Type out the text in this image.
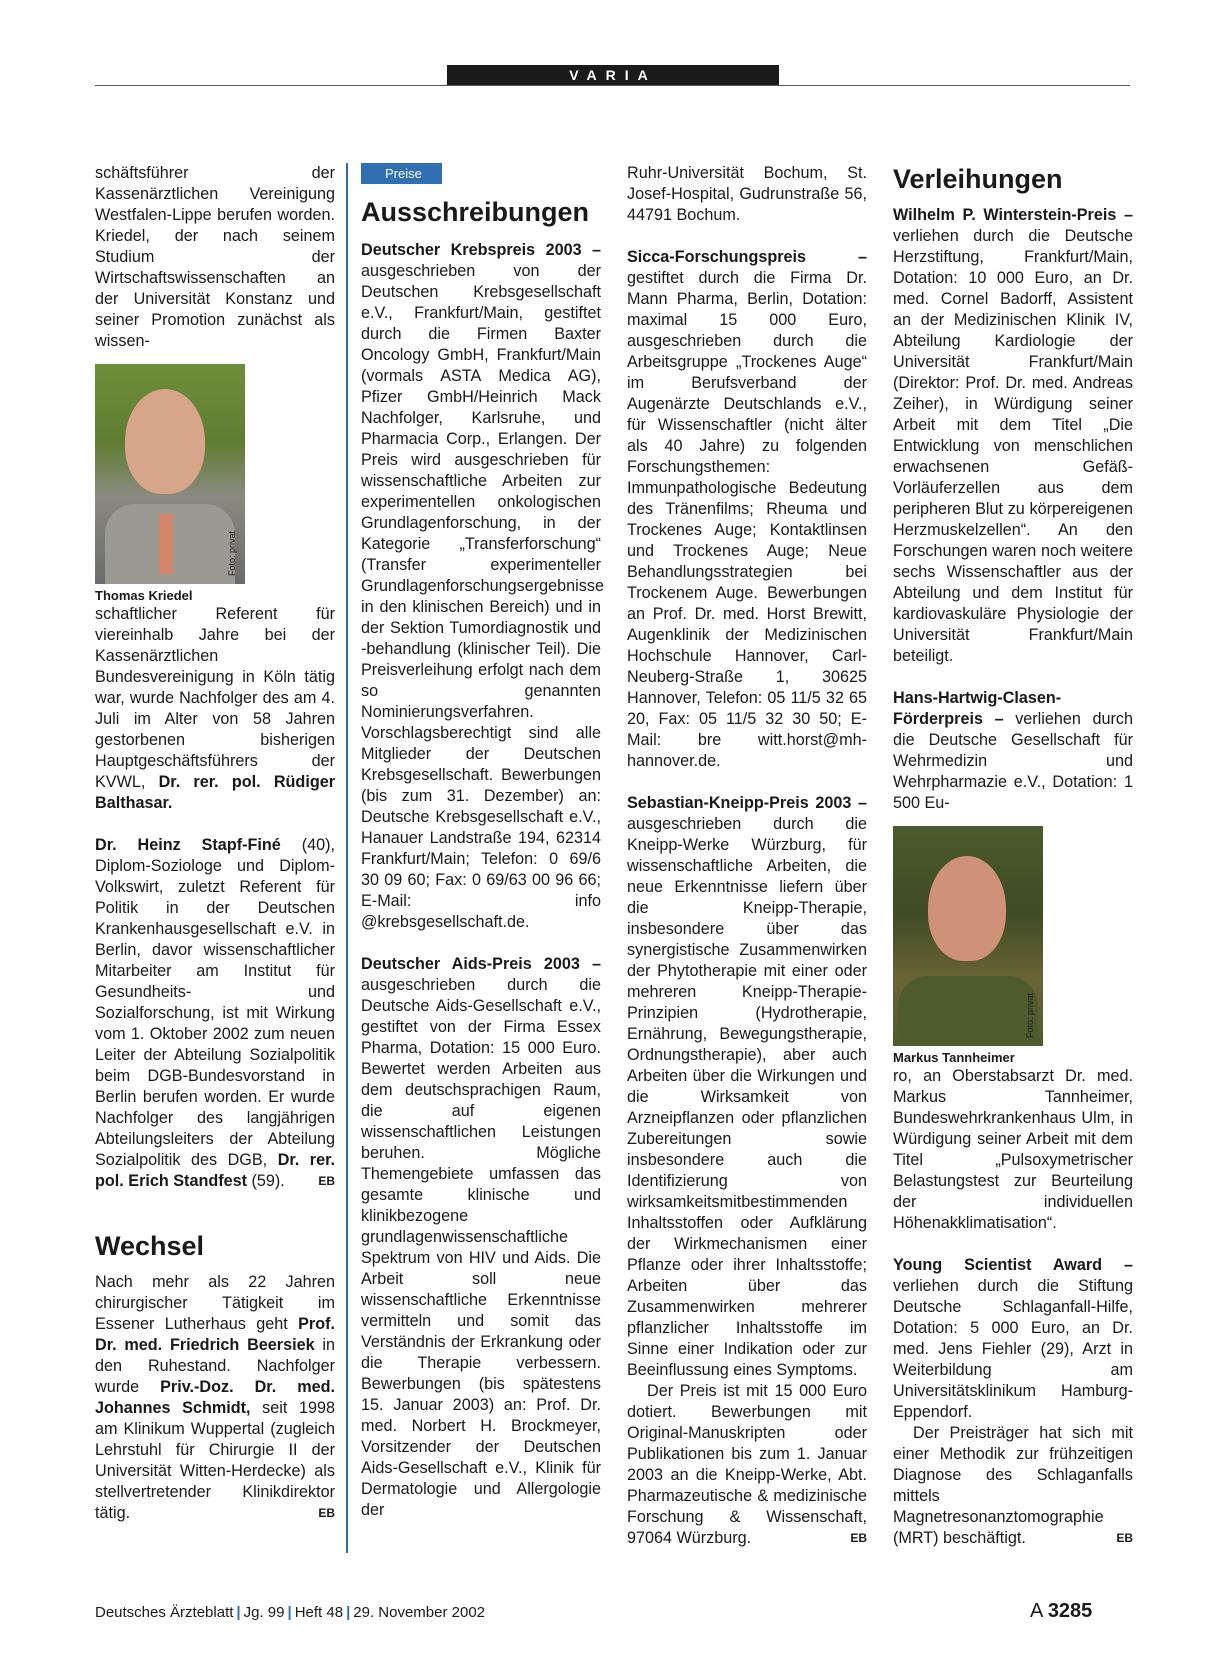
VARIA

schäftsführer der Kassenärztlichen Vereinigung Westfalen-Lippe berufen worden. Kriedel, der nach seinem Studium der Wirtschaftswissenschaften an der Universität Konstanz und seiner Promotion zunächst als wissen-

Foto: privat

Thomas Kriedel

schaftlicher Referent für viereinhalb Jahre bei der Kassenärztlichen Bundesvereinigung in Köln tätig war, wurde Nachfolger des am 4. Juli im Alter von 58 Jahren gestorbenen bisherigen Hauptgeschäftsführers der KVWL, Dr. rer. pol. Rüdiger Balthasar.

Dr. Heinz Stapf-Finé (40), Diplom-Soziologe und Diplom-Volkswirt, zuletzt Referent für Politik in der Deutschen Krankenhausgesellschaft e.V. in Berlin, davor wissenschaftlicher Mitarbeiter am Institut für Gesundheits- und Sozialforschung, ist mit Wirkung vom 1. Oktober 2002 zum neuen Leiter der Abteilung Sozialpolitik beim DGB-Bundesvorstand in Berlin berufen worden. Er wurde Nachfolger des langjährigen Abteilungsleiters der Abteilung Sozialpolitik des DGB, Dr. rer. pol. Erich Standfest (59).	EB

Wechsel

Nach mehr als 22 Jahren chirurgischer Tätigkeit im Essener Lutherhaus geht Prof. Dr. med. Friedrich Beersiek in den Ruhestand. Nachfolger wurde Priv.-Doz. Dr. med. Johannes Schmidt, seit 1998 am Klinikum Wuppertal (zugleich Lehrstuhl für Chirurgie II der Universität Witten-Herdecke) als stellvertretender Klinikdirektor tätig.	EB

Preise

Ausschreibungen

Deutscher Krebspreis 2003 – ausgeschrieben von der Deutschen Krebsgesellschaft e.V., Frankfurt/Main, gestiftet durch die Firmen Baxter Oncology GmbH, Frankfurt/Main (vormals ASTA Medica AG), Pfizer GmbH/Heinrich Mack Nachfolger, Karlsruhe, und Pharmacia Corp., Erlangen. Der Preis wird ausgeschrieben für wissenschaftliche Arbeiten zur experimentellen onkologischen Grundlagenforschung, in der Kategorie „Transferforschung“ (Transfer experimenteller Grundlagenforschungsergebnisse in den klinischen Bereich) und in der Sektion Tumordiagnostik und -behandlung (klinischer Teil). Die Preisverleihung erfolgt nach dem so genannten Nominierungsverfahren. Vorschlagsberechtigt sind alle Mitglieder der Deutschen Krebsgesellschaft. Bewerbungen (bis zum 31. Dezember) an: Deutsche Krebsgesellschaft e.V., Hanauer Landstraße 194, 62314 Frankfurt/Main; Telefon: 0 69/6 30 09 60; Fax: 0 69/63 00 96 66; E-Mail: info @krebsgesellschaft.de.

Deutscher Aids-Preis 2003 – ausgeschrieben durch die Deutsche Aids-Gesellschaft e.V., gestiftet von der Firma Essex Pharma, Dotation: 15 000 Euro. Bewertet werden Arbeiten aus dem deutschsprachigen Raum, die auf eigenen wissenschaftlichen Leistungen beruhen. Mögliche Themengebiete umfassen das gesamte klinische und klinikbezogene grundlagenwissenschaftliche Spektrum von HIV und Aids. Die Arbeit soll neue wissenschaftliche Erkenntnisse vermitteln und somit das Verständnis der Erkrankung oder die Therapie verbessern. Bewerbungen (bis spätestens 15. Januar 2003) an: Prof. Dr. med. Norbert H. Brockmeyer, Vorsitzender der Deutschen Aids-Gesellschaft e.V., Klinik für Dermatologie und Allergologie der

Ruhr-Universität Bochum, St. Josef-Hospital, Gudrunstraße 56, 44791 Bochum.

Sicca-Forschungspreis – gestiftet durch die Firma Dr. Mann Pharma, Berlin, Dotation: maximal 15 000 Euro, ausgeschrieben durch die Arbeitsgruppe „Trockenes Auge“ im Berufsverband der Augenärzte Deutschlands e.V., für Wissenschaftler (nicht älter als 40 Jahre) zu folgenden Forschungsthemen: Immunpathologische Bedeutung des Tränenfilms; Rheuma und Trockenes Auge; Kontaktlinsen und Trockenes Auge; Neue Behandlungsstrategien bei Trockenem Auge. Bewerbungen an Prof. Dr. med. Horst Brewitt, Augenklinik der Medizinischen Hochschule Hannover, Carl-Neuberg-Straße 1, 30625 Hannover, Telefon: 05 11/5 32 65 20, Fax: 05 11/5 32 30 50; E-Mail: bre witt.horst@mh-hannover.de.

Sebastian-Kneipp-Preis 2003 – ausgeschrieben durch die Kneipp-Werke Würzburg, für wissenschaftliche Arbeiten, die neue Erkenntnisse liefern über die Kneipp-Therapie, insbesondere über das synergistische Zusammenwirken der Phytotherapie mit einer oder mehreren Kneipp-Therapie-Prinzipien (Hydrotherapie, Ernährung, Bewegungstherapie, Ordnungstherapie), aber auch Arbeiten über die Wirkungen und die Wirksamkeit von Arzneipflanzen oder pflanzlichen Zubereitungen sowie insbesondere auch die Identifizierung von wirksamkeitsmitbestimmenden Inhaltsstoffen oder Aufklärung der Wirkmechanismen einer Pflanze oder ihrer Inhaltsstoffe; Arbeiten über das Zusammenwirken mehrerer pflanzlicher Inhaltsstoffe im Sinne einer Indikation oder zur Beeinflussung eines Symptoms.

Der Preis ist mit 15 000 Euro dotiert. Bewerbungen mit Original-Manuskripten oder Publikationen bis zum 1. Januar 2003 an die Kneipp-Werke, Abt. Pharmazeutische & medizinische Forschung & Wissenschaft, 97064 Würzburg.	EB

Verleihungen

Wilhelm P. Winterstein-Preis – verliehen durch die Deutsche Herzstiftung, Frankfurt/Main, Dotation: 10 000 Euro, an Dr. med. Cornel Badorff, Assistent an der Medizinischen Klinik IV, Abteilung Kardiologie der Universität Frankfurt/Main (Direktor: Prof. Dr. med. Andreas Zeiher), in Würdigung seiner Arbeit mit dem Titel „Die Entwicklung von menschlichen erwachsenen Gefäß-Vorläuferzellen aus dem peripheren Blut zu körpereigenen Herzmuskelzellen“. An den Forschungen waren noch weitere sechs Wissenschaftler aus der Abteilung und dem Institut für kardiovaskuläre Physiologie der Universität Frankfurt/Main beteiligt.

Hans-Hartwig-Clasen-Förderpreis – verliehen durch die Deutsche Gesellschaft für Wehrmedizin und Wehrpharmazie e.V., Dotation: 1 500 Eu-

Foto: privat

Markus Tannheimer

ro, an Oberstabsarzt Dr. med. Markus Tannheimer, Bundeswehrkrankenhaus Ulm, in Würdigung seiner Arbeit mit dem Titel „Pulsoxymetrischer Belastungstest zur Beurteilung der individuellen Höhenakklimatisation“.

Young Scientist Award – verliehen durch die Stiftung Deutsche Schlaganfall-Hilfe, Dotation: 5 000 Euro, an Dr. med. Jens Fiehler (29), Arzt in Weiterbildung am Universitätsklinikum Hamburg-Eppendorf.

Der Preisträger hat sich mit einer Methodik zur frühzeitigen Diagnose des Schlaganfalls mittels Magnetresonanztomographie (MRT) beschäftigt.	EB

Deutsches Ärzteblatt | Jg. 99 | Heft 48 | 29. November 2002	A 3285
